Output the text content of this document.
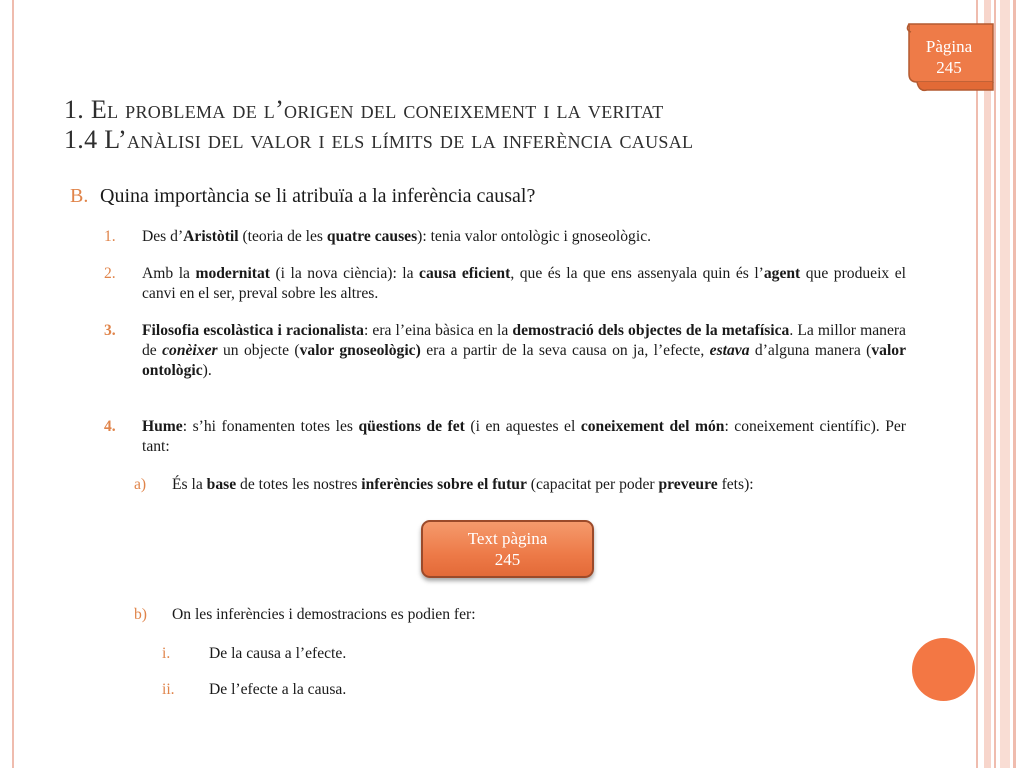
Pàgina
245
1. El problema de l’origen del coneixement i la veritat
1.4 L’anàlisi del valor i els límits de la inferència causal
B. Quina importància se li atribuïa a la inferència causal?
1.	Des d’Aristòtil (teoria de les quatre causes): tenia valor ontològic i gnoseològic.
2.	Amb la modernitat (i la nova ciència): la causa eficient, que és la que ens assenyala quin és l’agent que produeix el canvi en el ser, preval sobre les altres.
3.	Filosofia escolàstica i racionalista: era l’eina bàsica en la demostració dels objectes de la metafísica. La millor manera de conèixer un objecte (valor gnoseològic) era a partir de la seva causa on ja, l’efecte, estava d’alguna manera (valor ontològic).
4.	Hume: s’hi fonamenten totes les qüestions de fet (i en aquestes el coneixement del món: coneixement científic). Per tant:
a)	És la base de totes les nostres inferències sobre el futur (capacitat per poder preveure fets):
Text pàgina
245
b)	On les inferències i demostracions es podien fer:
i.	De la causa a l’efecte.
ii.	De l’efecte a la causa.
